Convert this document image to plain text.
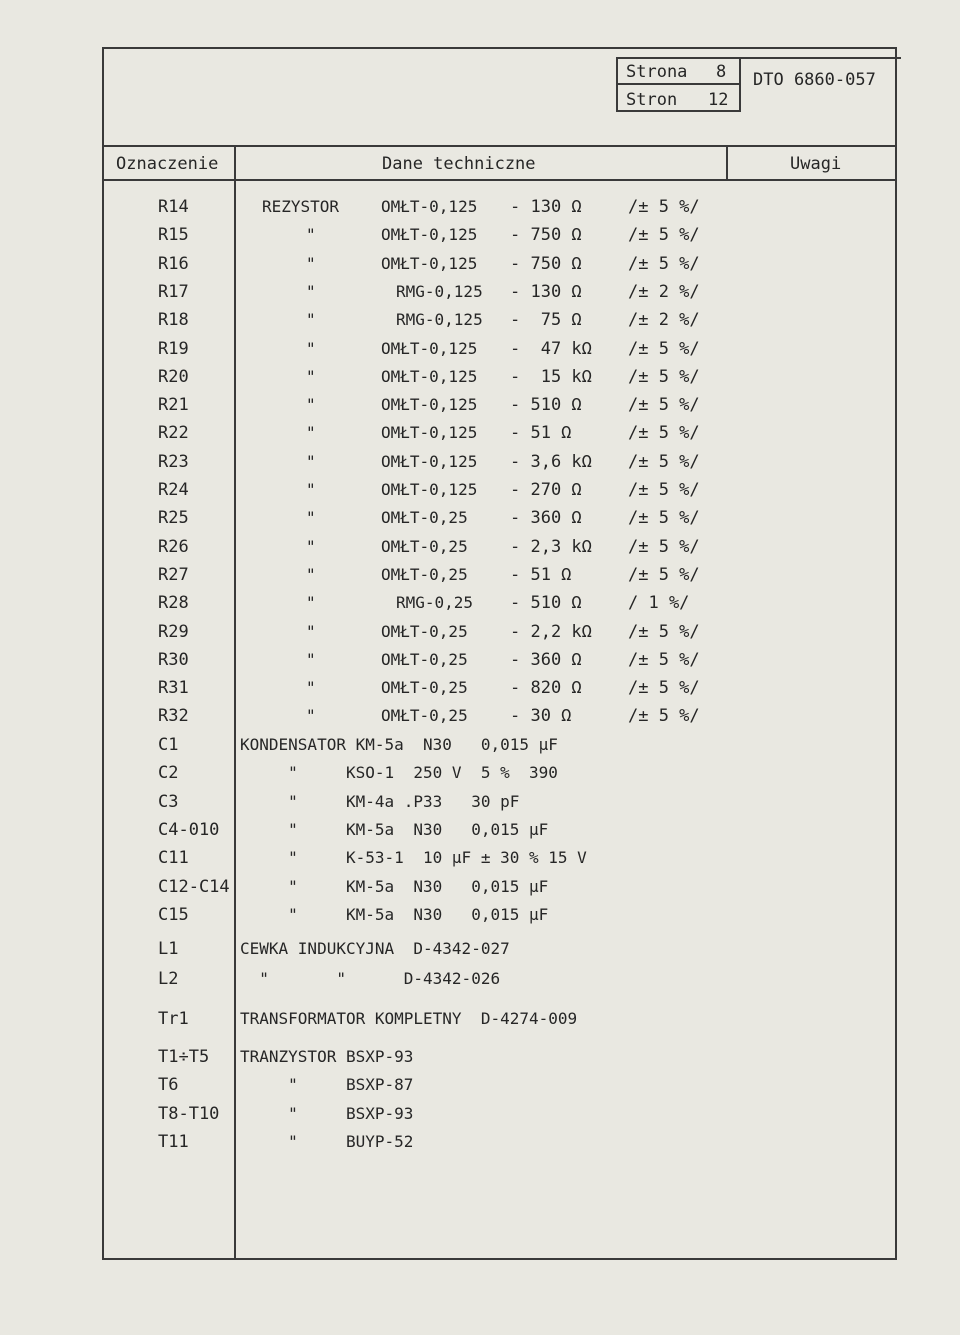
Strona 8
Stron 12
DTO 6860-057
Oznaczenie	Dane techniczne	Uwagi
R14	REZYSTOR	OMŁT-0,125 - 130 Ω	/± 5 %/
R15	"	OMŁT-0,125 - 750 Ω	/± 5 %/
R16	"	OMŁT-0,125 - 750 Ω	/± 5 %/
R17	"	RMG-0,125 - 130 Ω	/± 2 %/
R18	"	RMG-0,125 -  75 Ω	/± 2 %/
R19	"	OMŁT-0,125 -  47 kΩ /± 5 %/
R20	"	OMŁT-0,125 -  15 kΩ /± 5 %/
R21	"	OMŁT-0,125 - 510 Ω	/± 5 %/
R22	"	OMŁT-0,125 - 51 Ω	/± 5 %/
R23	"	OMŁT-0,125 - 3,6 kΩ /± 5 %/
R24	"	OMŁT-0,125 - 270 Ω	/± 5 %/
R25	"	OMŁT-0,25 - 360 Ω	/± 5 %/
R26	"	OMŁT-0,25 - 2,3 kΩ /± 5 %/
R27	"	OMŁT-0,25 - 51 Ω	/± 5 %/
R28	"	RMG-0,25 - 510 Ω	/ 1 %/
R29	"	OMŁT-0,25 - 2,2 kΩ /± 5 %/
R30	"	OMŁT-0,25 - 360 Ω	/± 5 %/
R31	"	OMŁT-0,25 - 820 Ω	/± 5 %/
R32	"	OMŁT-0,25 - 30 Ω	/± 5 %/
C1	KONDENSATOR KM-5a  N30   0,015 μF
C2	"     KSO-1  250 V  5 %  390
C3	"     KM-4a .P33   30 pF
C4-010 "     KM-5a  N30   0,015 μF
C11	"     K-53-1  10 μF ± 30 % 15 V
C12-C14 "     KM-5a  N30   0,015 μF
C15	"     KM-5a  N30   0,015 μF
L1	CEWKA INDUKCYJNA  D-4342-027
L2	"       "      D-4342-026
Tr1	TRANSFORMATOR KOMPLETNY  D-4274-009
T1÷T5 TRANZYSTOR BSXP-93
T6	"     BSXP-87
T8-T10 "     BSXP-93
T11	"     BUYP-52
